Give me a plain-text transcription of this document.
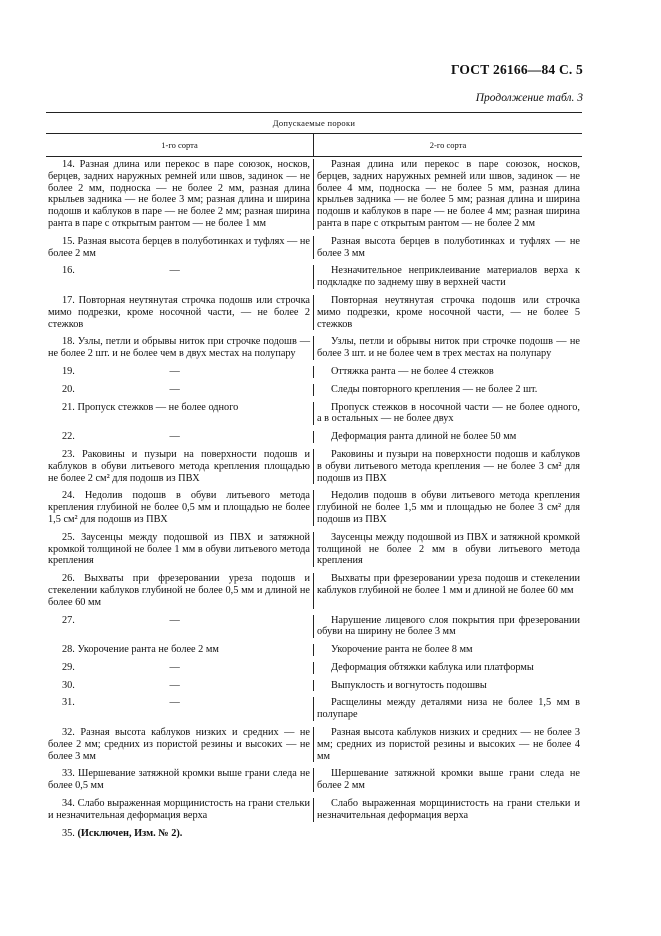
ГОСТ 26166—84 С. 5
Продолжение табл. 3
Допускаемые пороки
1-го сорта	2-го сорта
14. Разная длина или перекос в паре союзок, носков, берцев, задних наружных ремней или швов, задинок — не более 2 мм, подноска — не более 2 мм, разная длина крыльев задника — не более 3 мм; разная длина и ширина подошв и каблуков в паре — не более 2 мм; разная ширина ранта в паре с открытым рантом — не более 1 мм
Разная длина или перекос в паре союзок, носков, берцев, задних наружных ремней или швов, задинок — не более 4 мм, подноска — не более 5 мм, разная длина крыльев задника — не более 5 мм; разная длина и ширина подошв и каблуков в паре — не более 4 мм; разная ширина ранта в паре с открытым рантом — не более 2 мм
15. Разная высота берцев в полуботинках и туфлях — не более 2 мм
Разная высота берцев в полуботинках и туфлях — не более 3 мм
16.	—	Незначительное неприклеивание материалов верха к подкладке по заднему шву в верхней части
17. Повторная неутянутая строчка подошв или строчка мимо подрезки, кроме носочной части, — не более 2 стежков
Повторная неутянутая строчка подошв или строчка мимо подрезки, кроме носочной части, — не более 5 стежков
18. Узлы, петли и обрывы ниток при строчке подошв — не более 2 шт. и не более чем в двух местах на полупару
Узлы, петли и обрывы ниток при строчке подошв — не более 3 шт. и не более чем в трех местах на полупару
19.	—	Оттяжка ранта — не более 4 стежков
20.	—	Следы повторного крепления — не более 2 шт.
21. Пропуск стежков — не более одного	Пропуск стежков в носочной части — не более одного, а в остальных — не более двух
22.	—	Деформация ранта длиной не более 50 мм
23. Раковины и пузыри на поверхности подошв и каблуков в обуви литьевого метода крепления площадью не более 2 см² для подошв из ПВХ
Раковины и пузыри на поверхности подошв и каблуков в обуви литьевого метода крепления — не более 3 см² для подошв из ПВХ
24. Недолив подошв в обуви литьевого метода крепления глубиной не более 0,5 мм и площадью не более 1,5 см² для подошв из ПВХ
Недолив подошв в обуви литьевого метода крепления глубиной не более 1,5 мм и площадью не более 3 см² для подошв из ПВХ
25. Заусенцы между подошвой из ПВХ и затяжной кромкой толщиной не более 1 мм в обуви литьевого метода крепления
Заусенцы между подошвой из ПВХ и затяжной кромкой толщиной не более 2 мм в обуви литьевого метода крепления
26. Выхваты при фрезеровании уреза подошв и стекелении каблуков глубиной не более 0,5 мм и длиной не более 60 мм
Выхваты при фрезеровании уреза подошв и стекелении каблуков глубиной не более 1 мм и длиной не более 60 мм
27.	—	Нарушение лицевого слоя покрытия при фрезеровании обуви на ширину не более 3 мм
28. Укорочение ранта не более 2 мм	Укорочение ранта не более 8 мм
29.	—	Деформация обтяжки каблука или платформы
30.	—	Выпуклость и вогнутость подошвы
31.	—	Расщелины между деталями низа не более 1,5 мм в полупаре
32. Разная высота каблуков низких и средних — не более 2 мм; средних из пористой резины и высоких — не более 3 мм
Разная высота каблуков низких и средних — не более 3 мм; средних из пористой резины и высоких — не более 4 мм
33. Шершевание затяжной кромки выше грани следа не более 0,5 мм
Шершевание затяжной кромки выше грани следа не более 2 мм
34. Слабо выраженная морщинистость на грани стельки и незначительная деформация верха
Слабо выраженная морщинистость на грани стельки и незначительная деформация верха
35. (Исключен, Изм. № 2).
